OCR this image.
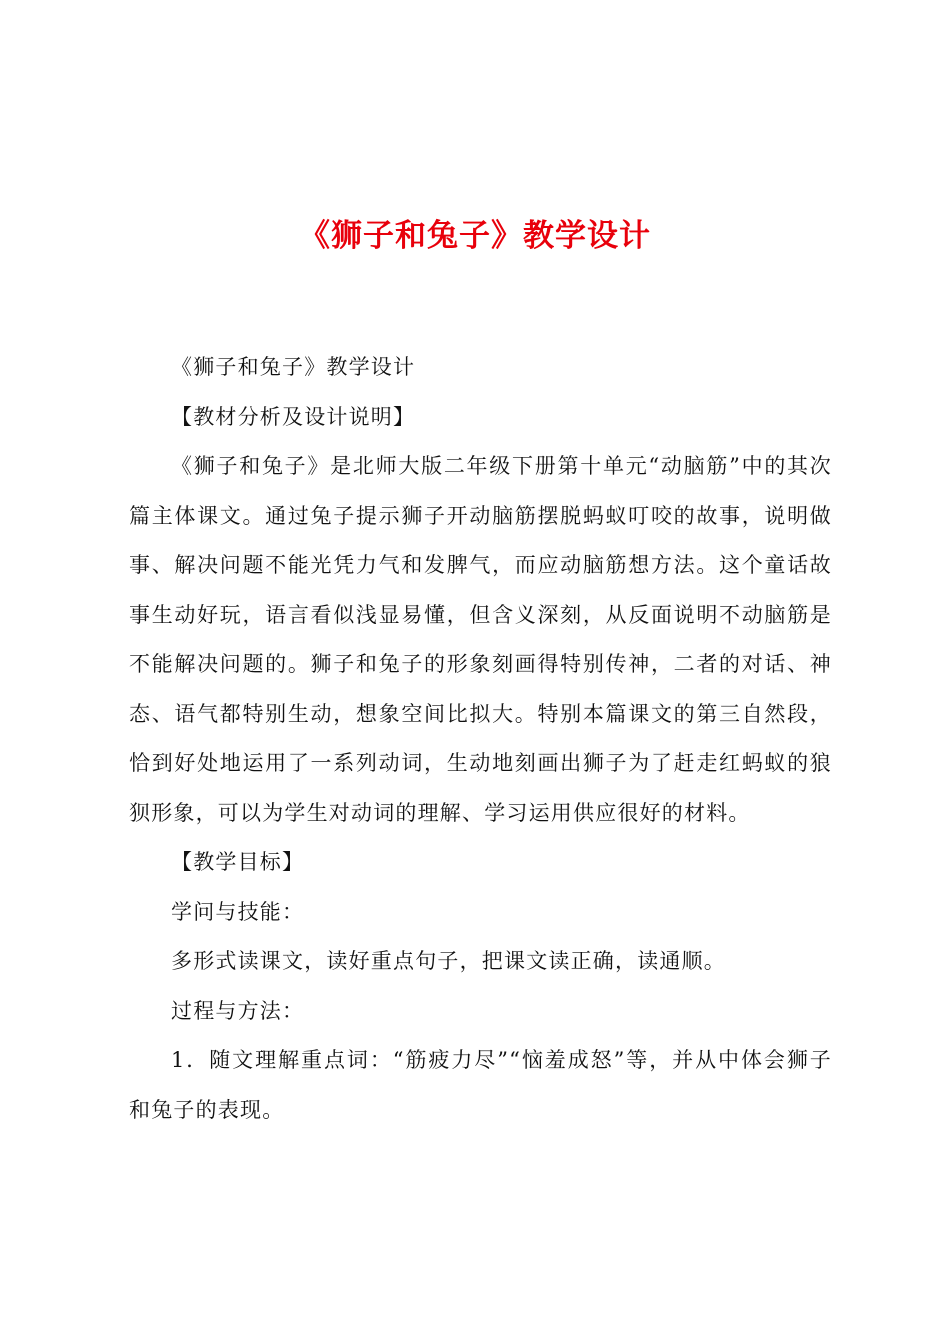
《狮子和兔子》教学设计

《狮子和兔子》教学设计

【教材分析及设计说明】

《狮子和兔子》是北师大版二年级下册第十单元“动脑筋”中的其次篇主体课文。通过兔子提示狮子开动脑筋摆脱蚂蚁叮咬的故事，说明做事、解决问题不能光凭力气和发脾气，而应动脑筋想方法。这个童话故事生动好玩，语言看似浅显易懂，但含义深刻，从反面说明不动脑筋是不能解决问题的。狮子和兔子的形象刻画得特别传神，二者的对话、神态、语气都特别生动，想象空间比拟大。特别本篇课文的第三自然段，恰到好处地运用了一系列动词，生动地刻画出狮子为了赶走红蚂蚁的狼狈形象，可以为学生对动词的理解、学习运用供应很好的材料。

【教学目标】

学问与技能：

多形式读课文，读好重点句子，把课文读正确，读通顺。

过程与方法：

1．随文理解重点词：“筋疲力尽”“恼羞成怒”等，并从中体会狮子和兔子的表现。
